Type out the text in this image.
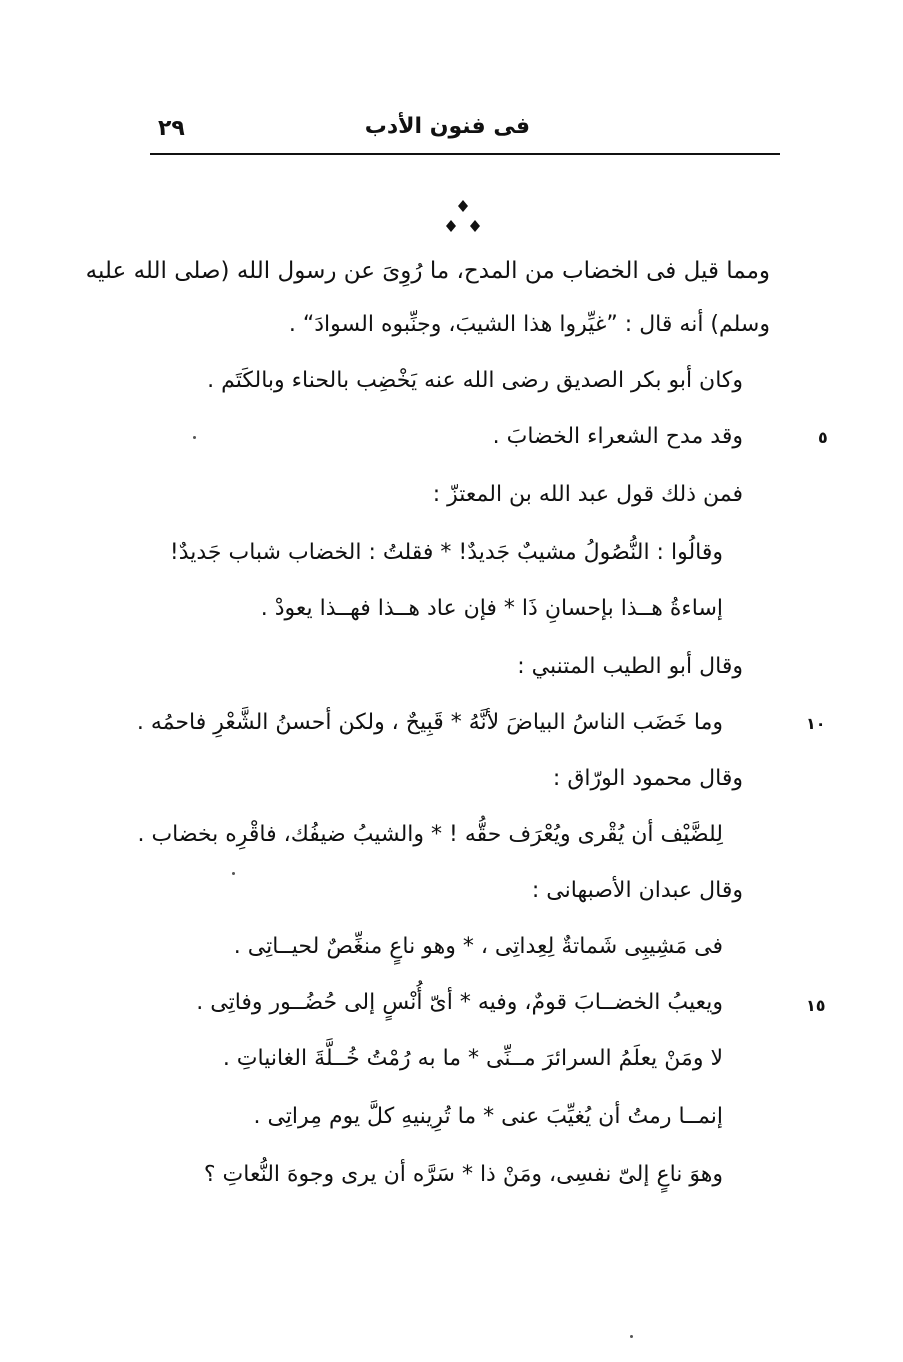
٢٩	فى فنون الأدب
ومما قيل فى الخضاب من المدح، ما رُوِىَ عن رسول الله (صلى الله عليه
وسلم) أنه قال : ”غيِّروا هذا الشيبَ، وجنِّبوه السوادَ“ .
وكان أبو بكر الصديق رضى الله عنه يَخْضِب بالحناء وبالكَتَم .
وقد مدح الشعراء الخضابَ .
فمن ذلك قول عبد الله بن المعتزّ :
وقالُوا : النُّصُولُ مشيبٌ جَديدٌ! * فقلتُ : الخضاب شباب جَديدٌ!
إساءةُ هــذا بإحسانِ ذَا * فإن عاد هــذا فهــذا يعودْ .
وقال أبو الطيب المتنبي :
وما خَضَب الناسُ البياضَ لأنَّهُ * قَبِيحٌ ، ولكن أحسنُ الشَّعْرِ فاحمُه .
وقال محمود الورّاق :
لِلضَّيْف أن يُقْرى ويُعْرَف حقُّه ! * والشيبُ ضيفُك، فاقْرِه بخضاب .
وقال عبدان الأصبهانى :
فى مَشِيبِى شَماتةٌ لِعِداتِى ، * وهو ناعٍ منغِّصٌ لحيــاتِى .
ويعيبُ الخضــابَ قومٌ، وفيه * أىّ أُنْسٍ إلى حُضُــور وفاتِى .
لا ومَنْ يعلَمُ السرائرَ مــنِّى * ما به رُمْتُ خُــلَّةَ الغانياتِ .
إنمــا رمتُ أن يُغيِّبَ عنى * ما تُرِينيهِ كلَّ يوم مِراتِى .
وهوَ ناعٍ إلىّ نفسِى، ومَنْ ذا * سَرَّه أن يرى وجوهَ النُّعاتِ ؟
٥
١٠
١٥
